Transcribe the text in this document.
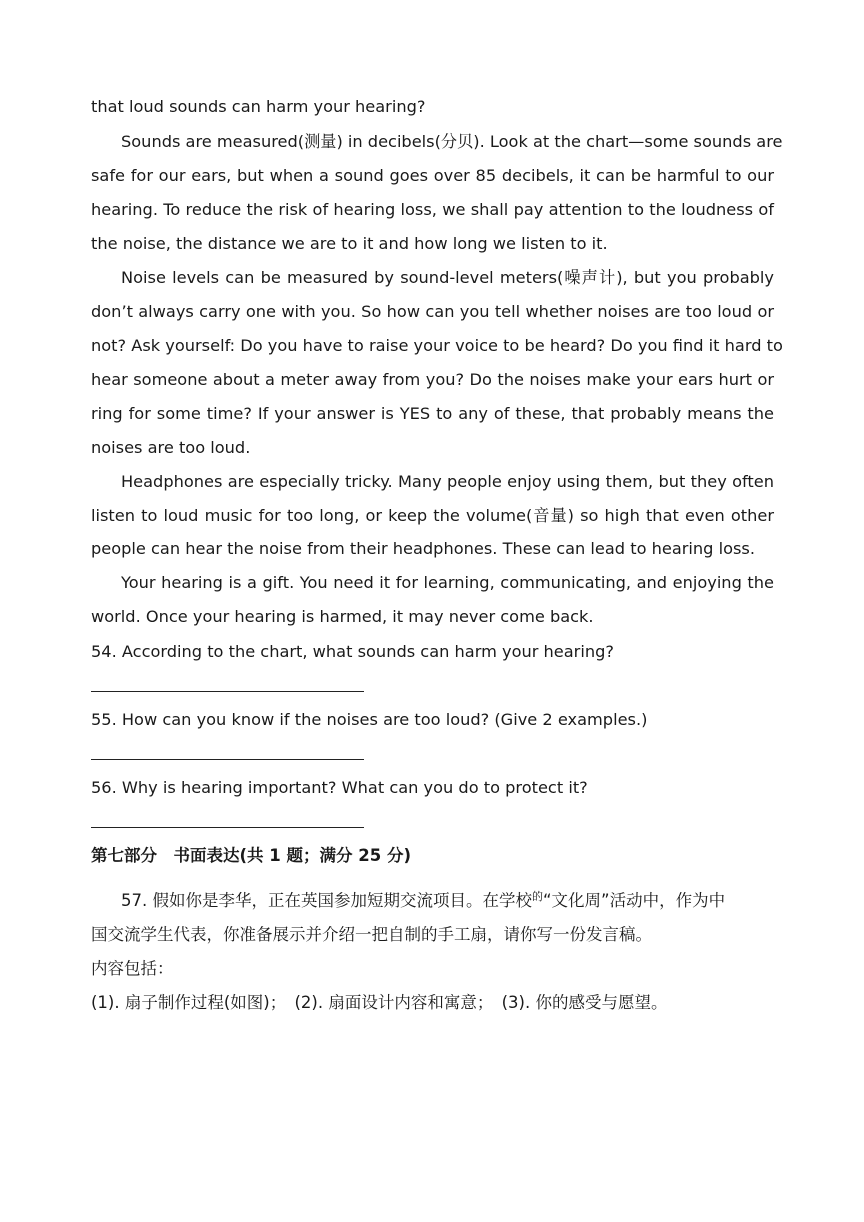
that loud sounds can harm your hearing?

Sounds are measured(测量) in decibels(分贝). Look at the chart—some sounds are

safe for our ears, but when a sound goes over 85 decibels, it can be harmful to our

hearing. To reduce the risk of hearing loss, we shall pay attention to the loudness of

the noise, the distance we are to it and how long we listen to it.

Noise levels can be measured by sound-level meters(噪声计), but you probably

don’t always carry one with you. So how can you tell whether noises are too loud or

not? Ask yourself: Do you have to raise your voice to be heard? Do you find it hard to

hear someone about a meter away from you? Do the noises make your ears hurt or

ring for some time? If your answer is YES to any of these, that probably means the

noises are too loud.

Headphones are especially tricky. Many people enjoy using them, but they often

listen to loud music for too long, or keep the volume(音量) so high that even other

people can hear the noise from their headphones. These can lead to hearing loss.

Your hearing is a gift. You need it for learning, communicating, and enjoying the

world. Once your hearing is harmed, it may never come back.

54. According to the chart, what sounds can harm your hearing?

55. How can you know if the noises are too loud? (Give 2 examples.)

56. Why is hearing important? What can you do to protect it?

第七部分　书面表达(共 1 题；满分 25 分)

57. 假如你是李华，正在英国参加短期交流项目。在学校$^的$“文化周”活动中，作为中

国交流学生代表，你准备展示并介绍一把自制的手工扇，请你写一份发言稿。

内容包括：

(1). 扇子制作过程(如图)；　(2). 扇面设计内容和寓意；　(3). 你的感受与愿望。
